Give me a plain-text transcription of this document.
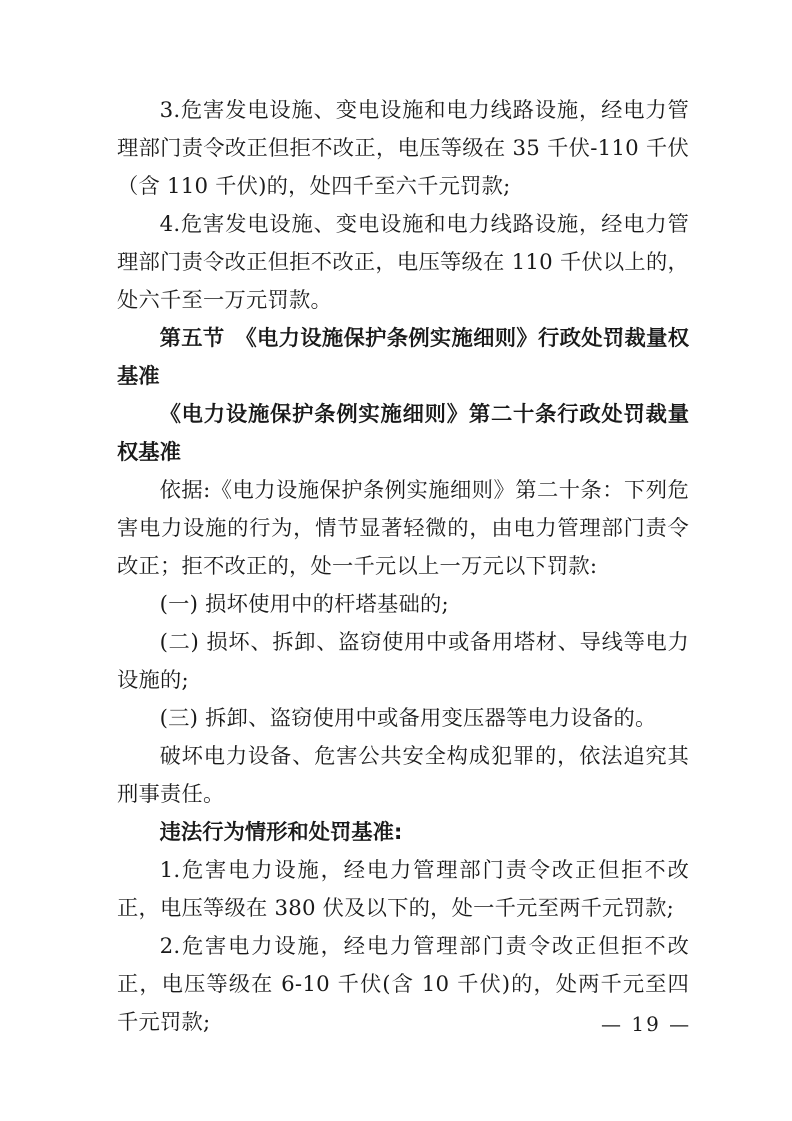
3.危害发电设施、变电设施和电力线路设施，经电力管理部门责令改正但拒不改正，电压等级在 35 千伏-110 千伏（含 110 千伏)的，处四千至六千元罚款;

4.危害发电设施、变电设施和电力线路设施，经电力管理部门责令改正但拒不改正，电压等级在 110 千伏以上的，处六千至一万元罚款。

第五节　《电力设施保护条例实施细则》行政处罚裁量权基准

《电力设施保护条例实施细则》第二十条行政处罚裁量权基准

依据:《电力设施保护条例实施细则》第二十条：下列危害电力设施的行为，情节显著轻微的，由电力管理部门责令改正；拒不改正的，处一千元以上一万元以下罚款:

(一) 损坏使用中的杆塔基础的;

(二) 损坏、拆卸、盗窃使用中或备用塔材、导线等电力设施的;

(三) 拆卸、盗窃使用中或备用变压器等电力设备的。

破坏电力设备、危害公共安全构成犯罪的，依法追究其刑事责任。

违法行为情形和处罚基准:

1.危害电力设施，经电力管理部门责令改正但拒不改正，电压等级在 380 伏及以下的，处一千元至两千元罚款;

2.危害电力设施，经电力管理部门责令改正但拒不改正，电压等级在 6-10 千伏(含 10 千伏)的，处两千元至四千元罚款;	— 19 —
